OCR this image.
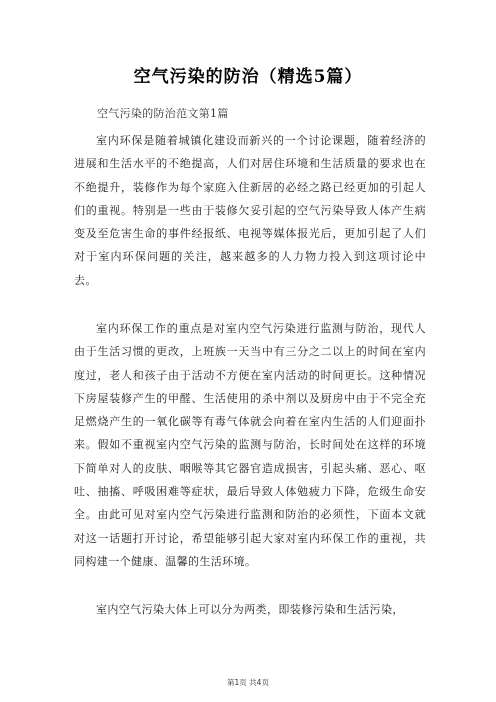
空气污染的防治（精选5篇）
空气污染的防治范文第1篇
室内环保是随着城镇化建设而新兴的一个讨论课题，随着经济的进展和生活水平的不绝提高，人们对居住环境和生活质量的要求也在不绝提升，装修作为每个家庭入住新居的必经之路已经更加的引起人们的重视。特别是一些由于装修欠妥引起的空气污染导致人体产生病变及至危害生命的事件经报纸、电视等媒体报光后，更加引起了人们对于室内环保问题的关注，越来越多的人力物力投入到这项讨论中去。
室内环保工作的重点是对室内空气污染进行监测与防治，现代人由于生活习惯的更改，上班族一天当中有三分之二以上的时间在室内度过，老人和孩子由于活动不方便在室内活动的时间更长。这种情况下房屋装修产生的甲醛、生活使用的杀中剂以及厨房中由于不完全充足燃烧产生的一氧化碳等有毒气体就会向着在室内生活的人们迎面扑来。假如不重视室内空气污染的监测与防治，长时间处在这样的环境下简单对人的皮肤、咽喉等其它器官造成损害，引起头痛、恶心、呕吐、抽搐、呼吸困难等症状，最后导致人体勉疲力下降，危级生命安全。由此可见对室内空气污染进行监测和防治的必须性，下面本文就对这一话题打开讨论，希望能够引起大家对室内环保工作的重视，共同构建一个健康、温馨的生活环境。
室内空气污染大体上可以分为两类，即装修污染和生活污染，
第1页 共4页
